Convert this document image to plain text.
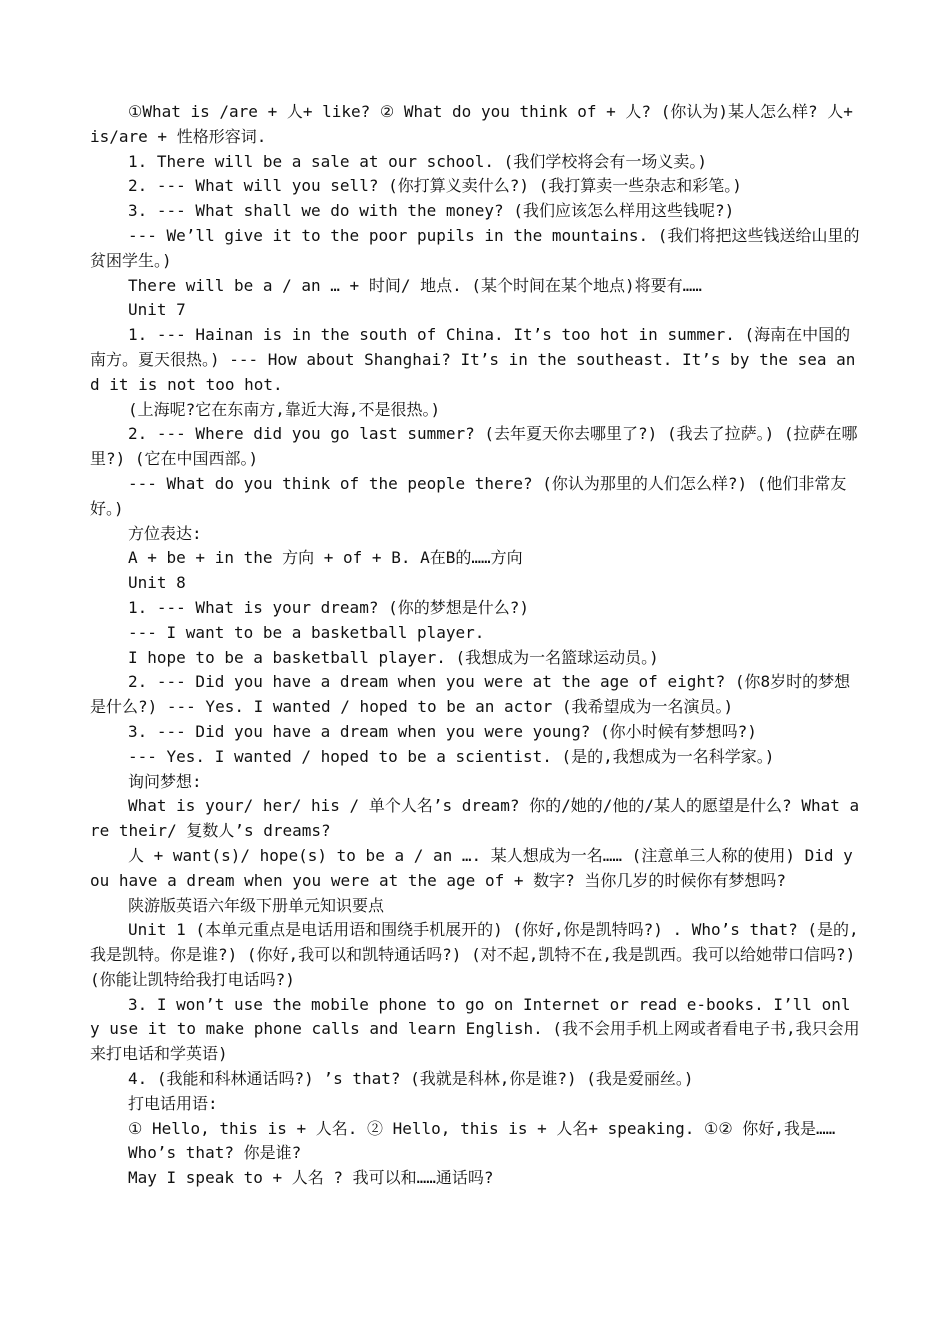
①What is /are + 人+ like? ② What do you think of + 人? (你认为)某人怎么样? 人+ is/are + 性格形容词.

1. There will be a sale at our school. (我们学校将会有一场义卖。)

2. --- What will you sell? (你打算义卖什么?) (我打算卖一些杂志和彩笔。)

3. --- What shall we do with the money? (我们应该怎么样用这些钱呢?)

--- We’ll give it to the poor pupils in the mountains. (我们将把这些钱送给山里的贫困学生。)

There will be a / an … + 时间/ 地点. (某个时间在某个地点)将要有……

Unit 7

1. --- Hainan is in the south of China. It’s too hot in summer. (海南在中国的南方。夏天很热。) --- How about Shanghai? It’s in the southeast. It’s by the sea and it is not too hot.

(上海呢?它在东南方,靠近大海,不是很热。)

2. --- Where did you go last summer? (去年夏天你去哪里了?) (我去了拉萨。) (拉萨在哪里?) (它在中国西部。)

--- What do you think of the people there? (你认为那里的人们怎么样?) (他们非常友好。)

方位表达:

A + be + in the 方向 + of + B. A在B的……方向

Unit 8

1. --- What is your dream? (你的梦想是什么?)

--- I want to be a basketball player.

I hope to be a basketball player. (我想成为一名篮球运动员。)

2. --- Did you have a dream when you were at the age of eight? (你8岁时的梦想是什么?) --- Yes. I wanted / hoped to be an actor (我希望成为一名演员。)

3. --- Did you have a dream when you were young? (你小时候有梦想吗?)

--- Yes. I wanted / hoped to be a scientist. (是的,我想成为一名科学家。)

询问梦想:

What is your/ her/ his / 单个人名’s dream? 你的/她的/他的/某人的愿望是什么? What are their/ 复数人’s dreams?

人 + want(s)/ hope(s) to be a / an …. 某人想成为一名…… (注意单三人称的使用) Did you have a dream when you were at the age of + 数字? 当你几岁的时候你有梦想吗?

陕游版英语六年级下册单元知识要点

Unit 1 (本单元重点是电话用语和围绕手机展开的) (你好,你是凯特吗?) . Who’s that? (是的,我是凯特。你是谁?) (你好,我可以和凯特通话吗?) (对不起,凯特不在,我是凯西。我可以给她带口信吗?) (你能让凯特给我打电话吗?)

3. I won’t use the mobile phone to go on Internet or read e-books. I’ll only use it to make phone calls and learn English. (我不会用手机上网或者看电子书,我只会用来打电话和学英语)

4. (我能和科林通话吗?) ’s that? (我就是科林,你是谁?) (我是爱丽丝。)

打电话用语:

① Hello, this is + 人名. ② Hello, this is + 人名+ speaking. ①② 你好,我是……

Who’s that? 你是谁?

May I speak to + 人名 ? 我可以和……通话吗?
